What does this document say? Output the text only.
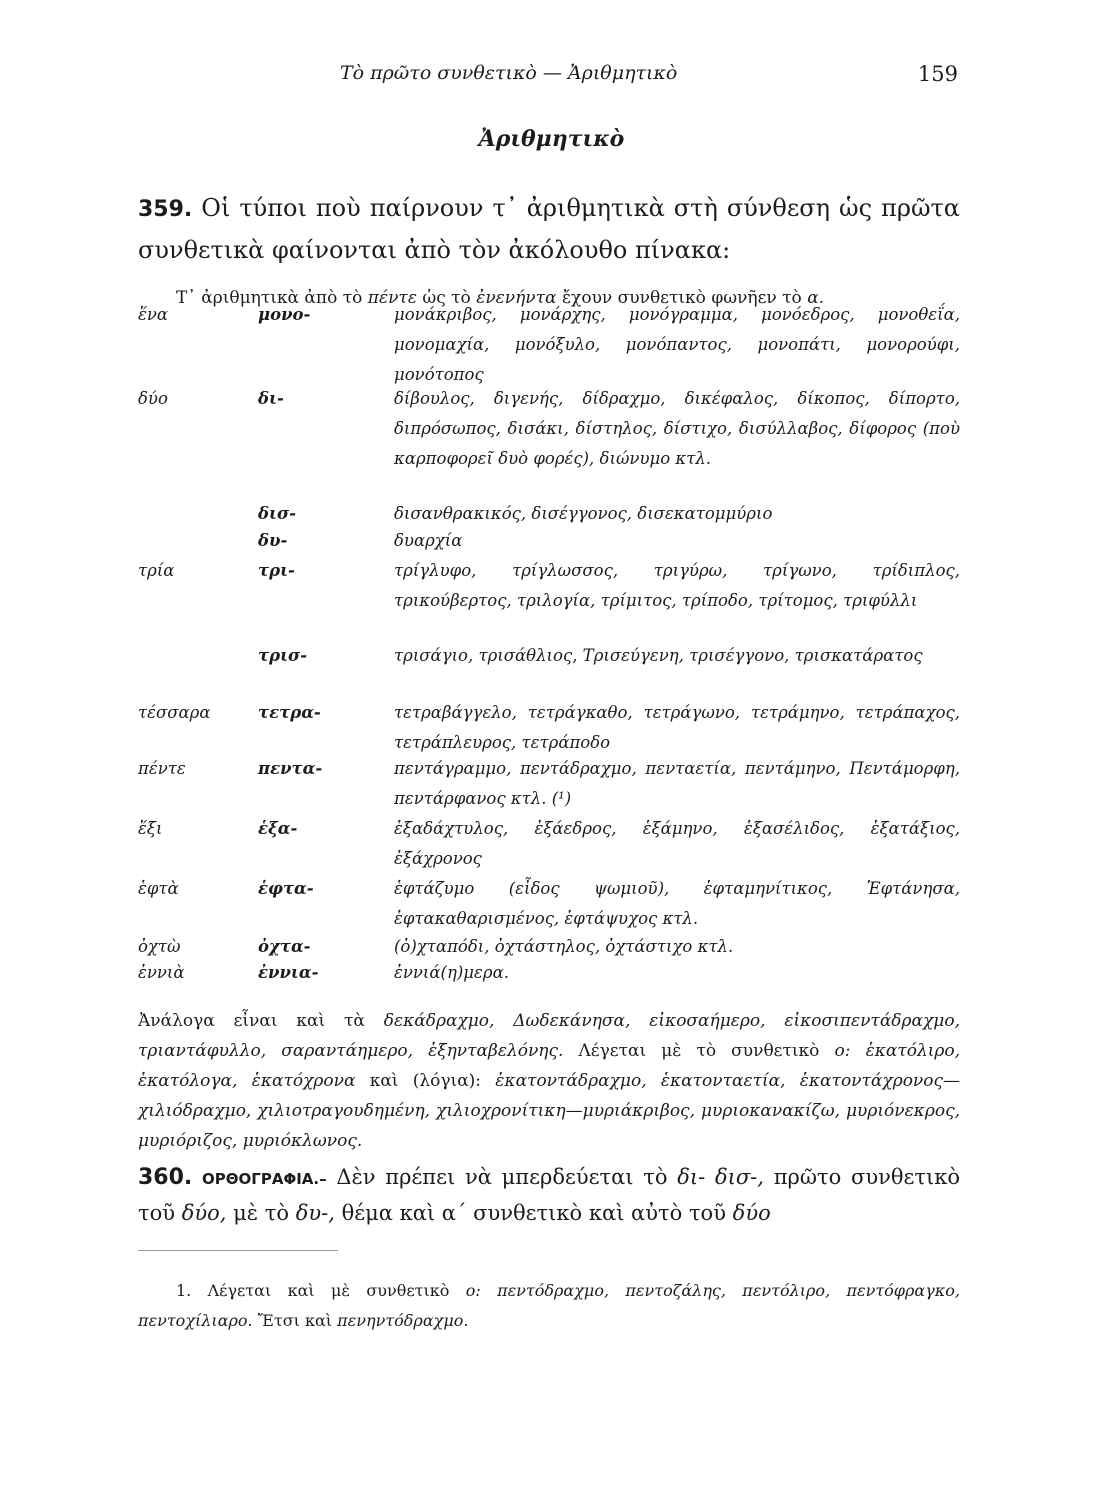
Τὸ πρῶτο συνθετικὸ — Ἀριθμητικὸ	159
Ἀριθμητικὸ
359. Οἱ τύποι ποὺ παίρνουν τ᾿ ἀριθμητικὰ στὴ σύνθεση ὡς πρῶτα συνθετικὰ φαίνονται ἀπὸ τὸν ἀκόλουθο πίνακα:
Τ᾿ ἀριθμητικὰ ἀπὸ τὸ πέντε ὡς τὸ ἐνενήντα ἔχουν συνθετικὸ φωνῆεν τὸ α.
ἕνα	μονο-	μονάκριβος, μονάρχης, μονόγραμμα, μονόεδρος, μονοθεΐα, μονομαχία, μονόξυλο, μονόπαντος, μονοπάτι, μονορούφι, μονότοπος
δύο	δι-	δίβουλος, διγενής, δίδραχμο, δικέφαλος, δίκοπος, δίπορτο, διπρόσωπος, δισάκι, δίστηλος, δίστιχο, δισύλλαβος, δίφορος (ποὺ καρποφορεῖ δυὸ φορές), διώνυμο κτλ.
δισ-	δισανθρακικός, δισέγγονος, δισεκατομμύριο
δυ-	δυαρχία
τρία	τρι-	τρίγλυφο, τρίγλωσσος, τριγύρω, τρίγωνο, τρίδιπλος, τρικούβερτος, τριλογία, τρίμιτος, τρίποδο, τρίτομος, τριφύλλι
τρισ-	τρισάγιο, τρισάθλιος, Τρισεύγενη, τρισέγγονο, τρισκατάρατος
τέσσαρα	τετρα-	τετραβάγγελο, τετράγκαθο, τετράγωνο, τετράμηνο, τετράπαχος, τετράπλευρος, τετράποδο
πέντε	πεντα-	πεντάγραμμο, πεντάδραχμο, πενταετία, πεντάμηνο, Πεντάμορφη, πεντάρφανος κτλ. (¹)
ἕξι	ἑξα-	ἑξαδάχτυλος, ἑξάεδρος, ἑξάμηνο, ἑξασέλιδος, ἑξατάξιος, ἑξάχρονος
ἑφτὰ	ἑφτα-	ἑφτάζυμο (εἶδος ψωμιοῦ), ἑφταμηνίτικος, Ἑφτάνησα, ἑφτακαθαρισμένος, ἑφτάψυχος κτλ.
ὀχτὼ	ὀχτα-	(ὀ)χταπόδι, ὀχτάστηλος, ὀχτάστιχο κτλ.
ἐννιὰ	ἐννια-	ἐννιά(η)μερα.
Ἀνάλογα εἶναι καὶ τὰ δεκάδραχμο, Δωδεκάνησα, εἰκοσαήμερο, εἰκοσιπεντάδραχμο, τριαντάφυλλο, σαραντάημερο, ἑξηνταβελόνης. Λέγεται μὲ τὸ συνθετικὸ ο: ἑκατόλιρο, ἑκατόλογα, ἑκατόχρονα καὶ (λόγια): ἑκατοντάδραχμο, ἑκατονταετία, ἑκατοντάχρονος—χιλιόδραχμο, χιλιοτραγουδημένη, χιλιοχρονίτικη—μυριάκριβος, μυριοκανακίζω, μυριόνεκρος, μυριόριζος, μυριόκλωνος.
360. ΟΡΘΟΓΡΑΦΙΑ.– Δὲν πρέπει νὰ μπερδεύεται τὸ δι- δισ-, πρῶτο συνθετικὸ τοῦ δύο, μὲ τὸ δυ-, θέμα καὶ α΄ συνθετικὸ καὶ αὐτὸ τοῦ δύο
1. Λέγεται καὶ μὲ συνθετικὸ ο: πεντόδραχμο, πεντοζάλης, πεντόλιρο, πεντόφραγκο, πεντοχίλιαρο. Ἔτσι καὶ πενηντόδραχμο.
